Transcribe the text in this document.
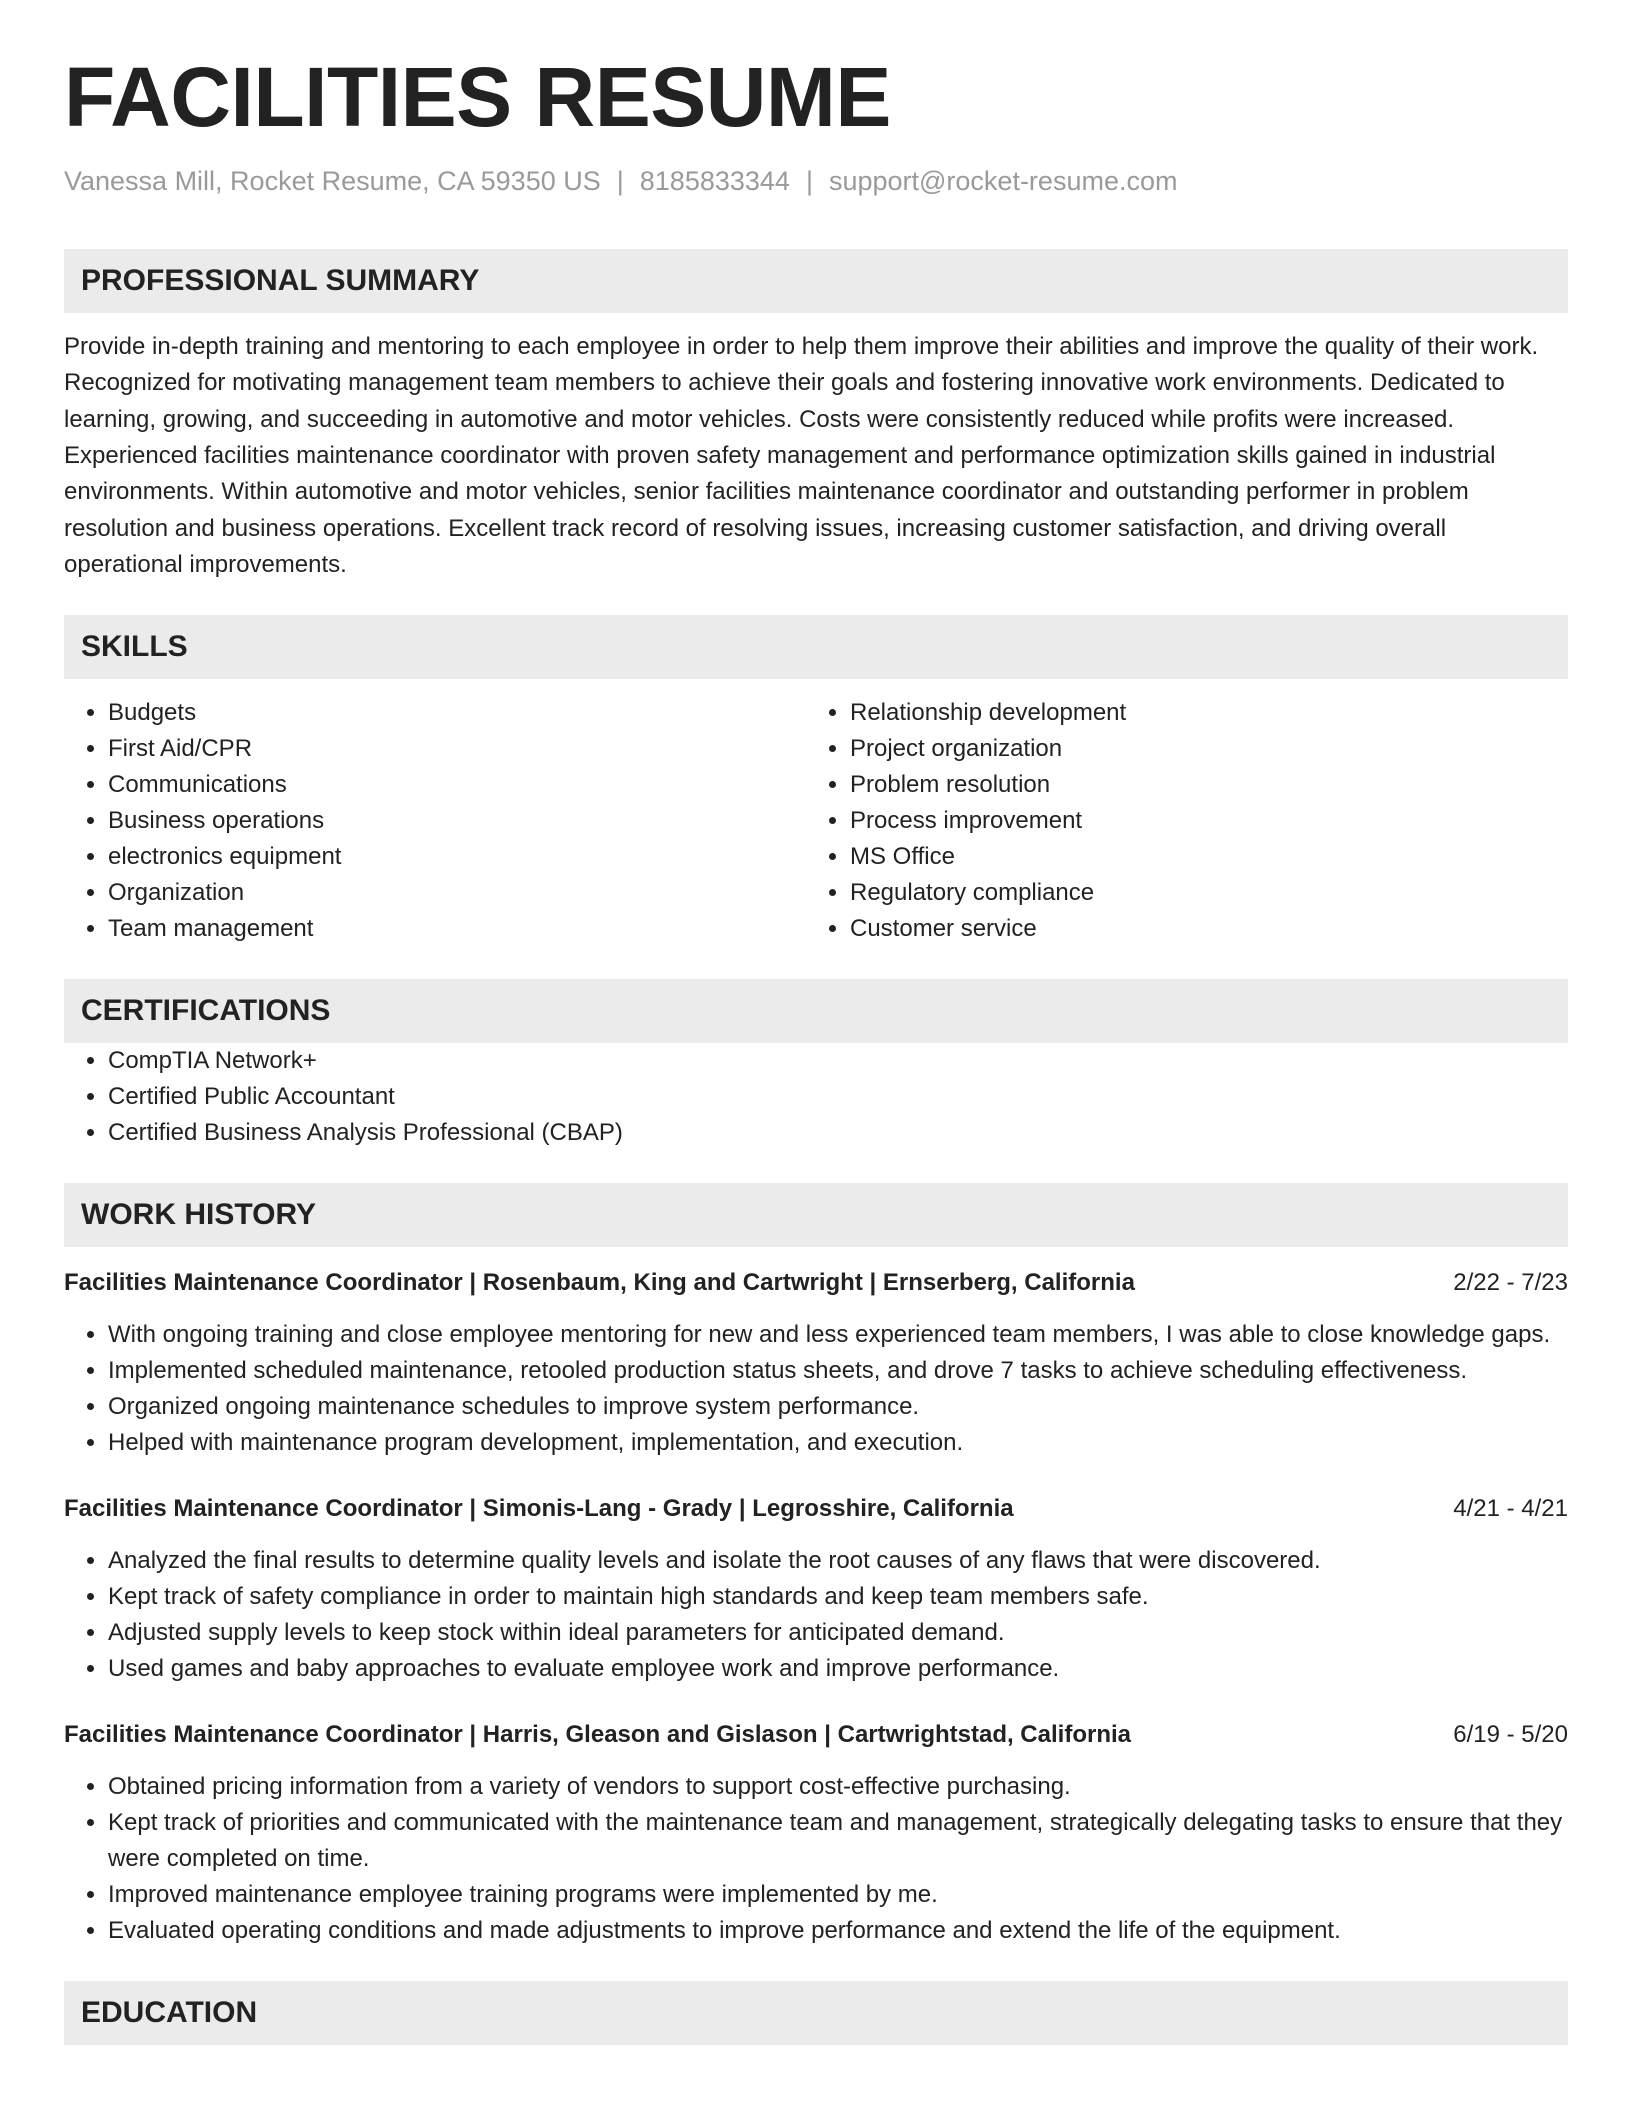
FACILITIES RESUME
Vanessa Mill, Rocket Resume, CA 59350 US | 8185833344 | support@rocket-resume.com
PROFESSIONAL SUMMARY

Provide in-depth training and mentoring to each employee in order to help them improve their abilities and improve the quality of their work. Recognized for motivating management team members to achieve their goals and fostering innovative work environments. Dedicated to learning, growing, and succeeding in automotive and motor vehicles. Costs were consistently reduced while profits were increased. Experienced facilities maintenance coordinator with proven safety management and performance optimization skills gained in industrial environments. Within automotive and motor vehicles, senior facilities maintenance coordinator and outstanding performer in problem resolution and business operations. Excellent track record of resolving issues, increasing customer satisfaction, and driving overall operational improvements.

SKILLS
• Budgets
• First Aid/CPR
• Communications
• Business operations
• electronics equipment
• Organization
• Team management
• Relationship development
• Project organization
• Problem resolution
• Process improvement
• MS Office
• Regulatory compliance
• Customer service
CERTIFICATIONS
• CompTIA Network+
• Certified Public Accountant
• Certified Business Analysis Professional (CBAP)
WORK HISTORY
Facilities Maintenance Coordinator | Rosenbaum, King and Cartwright | Ernserberg, California	2/22 - 7/23
• With ongoing training and close employee mentoring for new and less experienced team members, I was able to close knowledge gaps.
• Implemented scheduled maintenance, retooled production status sheets, and drove 7 tasks to achieve scheduling effectiveness.
• Organized ongoing maintenance schedules to improve system performance.
• Helped with maintenance program development, implementation, and execution.
Facilities Maintenance Coordinator | Simonis-Lang - Grady | Legrosshire, California	4/21 - 4/21
• Analyzed the final results to determine quality levels and isolate the root causes of any flaws that were discovered.
• Kept track of safety compliance in order to maintain high standards and keep team members safe.
• Adjusted supply levels to keep stock within ideal parameters for anticipated demand.
• Used games and baby approaches to evaluate employee work and improve performance.
Facilities Maintenance Coordinator | Harris, Gleason and Gislason | Cartwrightstad, California	6/19 - 5/20
• Obtained pricing information from a variety of vendors to support cost-effective purchasing.
• Kept track of priorities and communicated with the maintenance team and management, strategically delegating tasks to ensure that they were completed on time.
• Improved maintenance employee training programs were implemented by me.
• Evaluated operating conditions and made adjustments to improve performance and extend the life of the equipment.
EDUCATION
